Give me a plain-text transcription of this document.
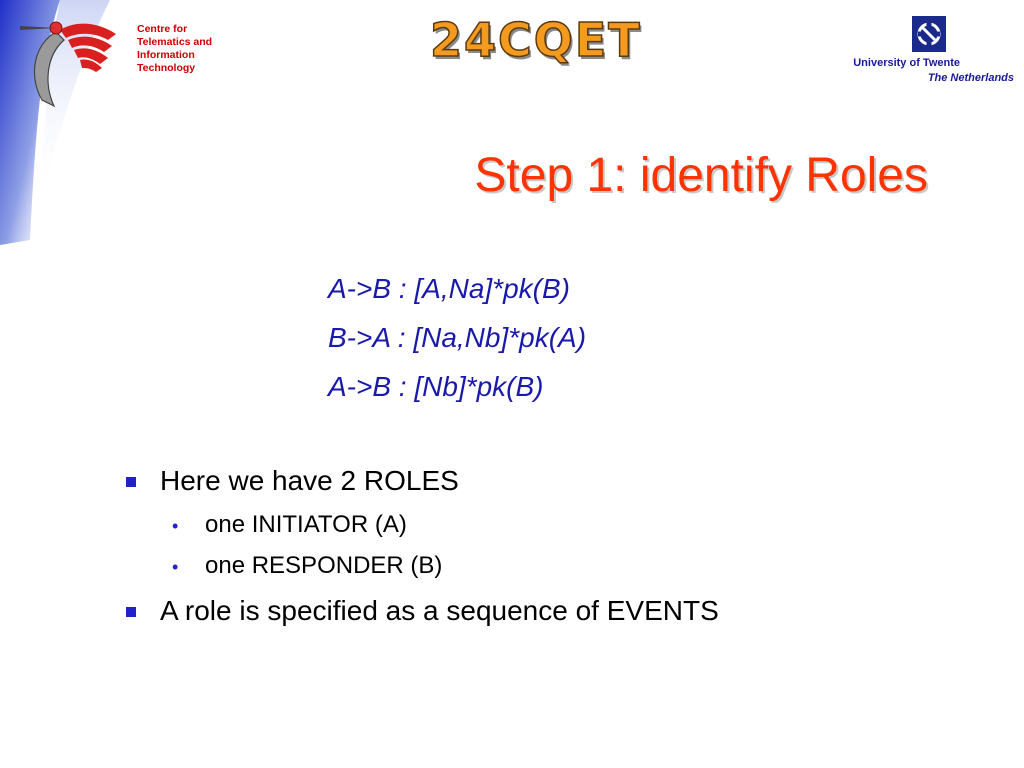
Centre for
Telematics and
Information
Technology
24CQET	University of Twente
The Netherlands
Step 1: identify Roles
A->B : [A,Na]*pk(B)
B->A : [Na,Nb]*pk(A)
A->B : [Nb]*pk(B)
Here we have 2 ROLES
• one INITIATOR (A)
• one RESPONDER (B)
A role is specified as a sequence of EVENTS
